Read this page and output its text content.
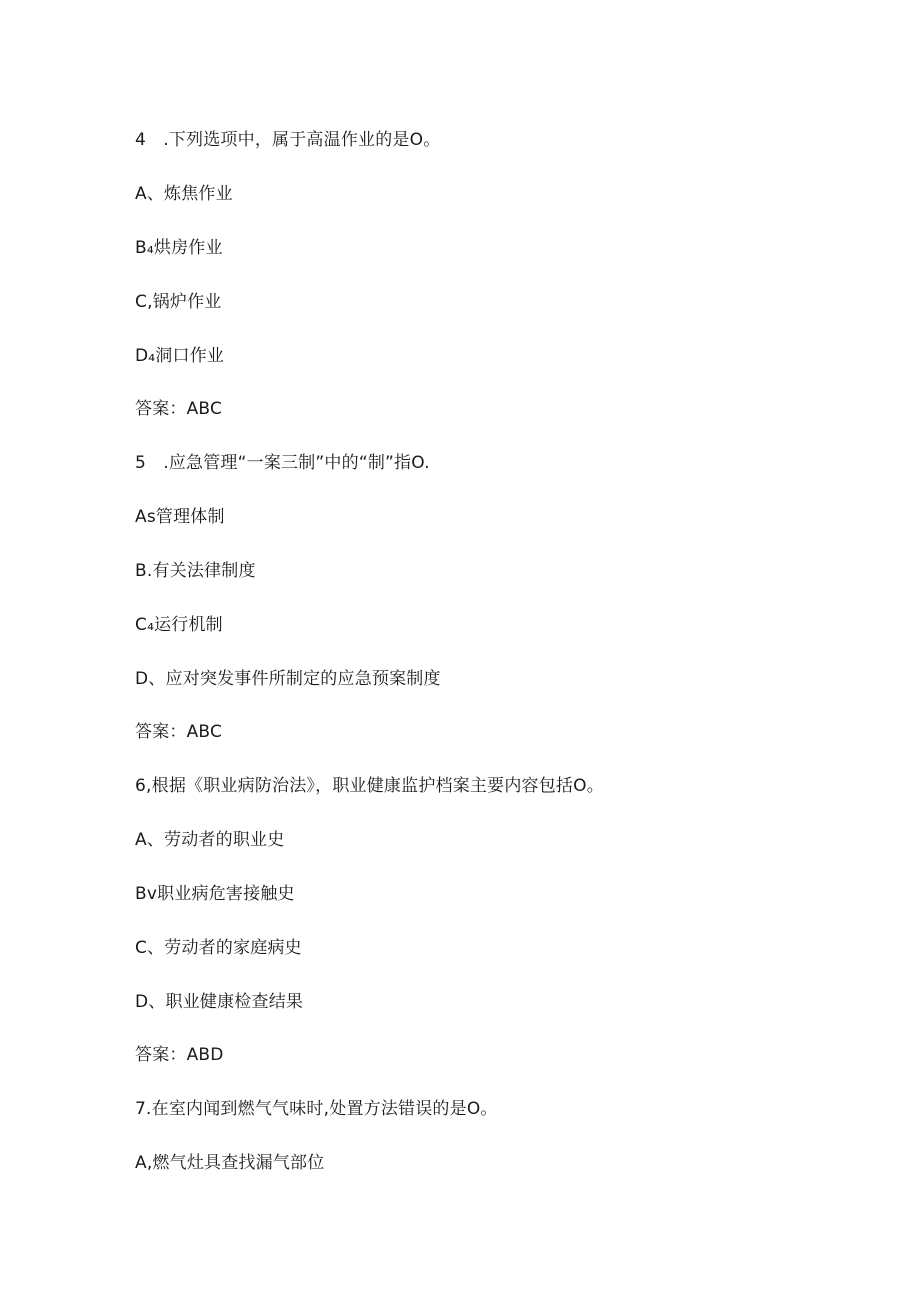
4　.下列选项中，属于高温作业的是O。
A、炼焦作业
B₄烘房作业
C,锅炉作业
D₄洞口作业
答案：ABC
5　.应急管理“一案三制”中的“制”指O.
As管理体制
B.有关法律制度
C₄运行机制
D、应对突发事件所制定的应急预案制度
答案：ABC
6,根据《职业病防治法》，职业健康监护档案主要内容包括O。
A、劳动者的职业史
Bv职业病危害接触史
C、劳动者的家庭病史
D、职业健康检查结果
答案：ABD
7.在室内闻到燃气气味时,处置方法错误的是O。
A,燃气灶具查找漏气部位
